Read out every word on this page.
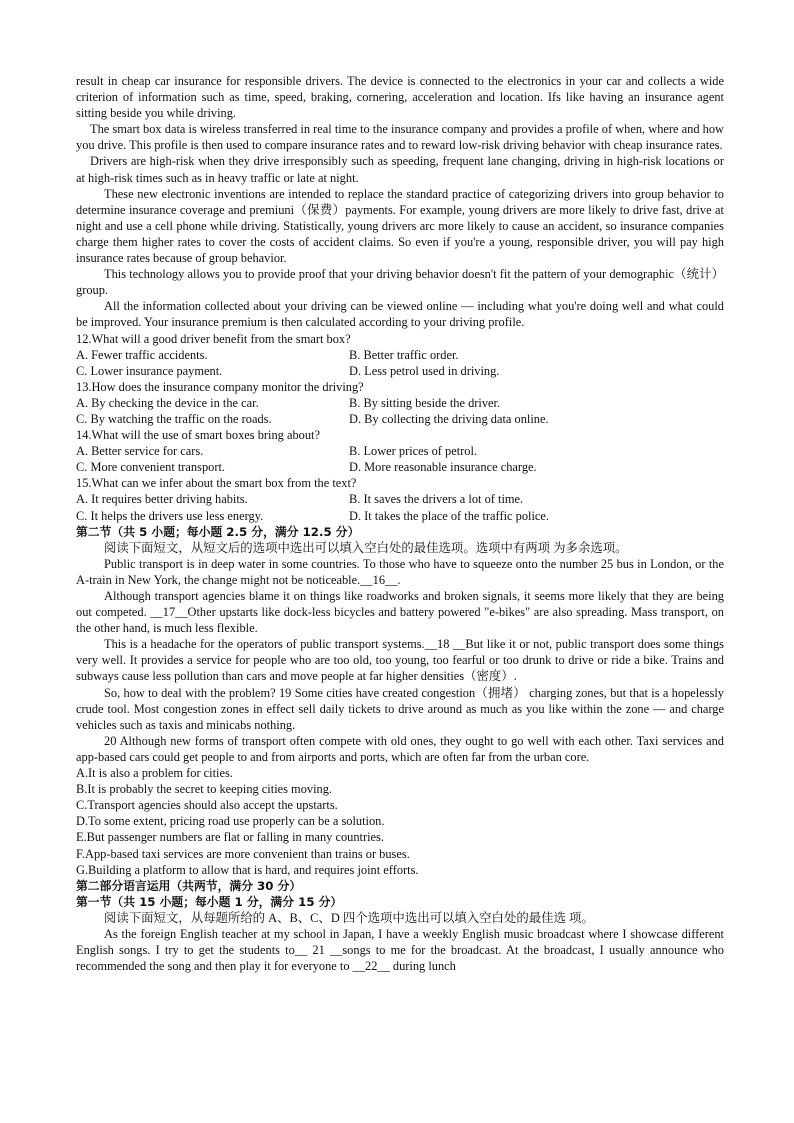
result in cheap car insurance for responsible drivers. The device is connected to the electronics in your car and collects a wide criterion of information such as time, speed, braking, cornering, acceleration and location. Ifs like having an insurance agent sitting beside you while driving.

The smart box data is wireless transferred in real time to the insurance company and provides a profile of when, where and how you drive. This profile is then used to compare insurance rates and to reward low-risk driving behavior with cheap insurance rates.

Drivers are high-risk when they drive irresponsibly such as speeding, frequent lane changing, driving in high-risk locations or at high-risk times such as in heavy traffic or late at night.

These new electronic inventions are intended to replace the standard practice of categorizing drivers into group behavior to determine insurance coverage and premiuni（保费）payments. For example, young drivers are more likely to drive fast, drive at night and use a cell phone while driving. Statistically, young drivers arc more likely to cause an accident, so insurance companies charge them higher rates to cover the costs of accident claims. So even if you're a young, responsible driver, you will pay high insurance rates because of group behavior.

This technology allows you to provide proof that your driving behavior doesn't fit the pattern of your demographic（统计）group.

All the information collected about your driving can be viewed online — including what you're doing well and what could be improved. Your insurance premium is then calculated according to your driving profile.

12.What will a good driver benefit from the smart box?

A. Fewer traffic accidents.	B. Better traffic order.
C. Lower insurance payment.	D. Less petrol used in driving.

13.How does the insurance company monitor the driving?

A. By checking the device in the car.	B. By sitting beside the driver.
C. By watching the traffic on the roads.	D. By collecting the driving data online.

14.What will the use of smart boxes bring about?

A. Better service for cars.	B. Lower prices of petrol.
C. More convenient transport.	D. More reasonable insurance charge.

15.What can we infer about the smart box from the text?

A. It requires better driving habits.	B. It saves the drivers a lot of time.
C. It helps the drivers use less energy.	D. It takes the place of the traffic police.

第二节（共 5 小题；每小题 2.5 分，满分 12.5 分）

阅读下面短文，从短文后的选项中选出可以填入空白处的最佳选项。选项中有两项 为多余选项。

Public transport is in deep water in some countries. To those who have to squeeze onto the number 25 bus in London, or the A-train in New York, the change might not be noticeable.__16__.

Although transport agencies blame it on things like roadworks and broken signals, it seems more likely that they are being out competed. __17__Other upstarts like dock-less bicycles and battery powered "e-bikes" are also spreading. Mass transport, on the other hand, is much less flexible.

This is a headache for the operators of public transport systems.__18 __But like it or not, public transport does some things very well. It provides a service for people who are too old, too young, too fearful or too drunk to drive or ride a bike. Trains and subways cause less pollution than cars and move people at far higher densities（密度）.

So, how to deal with the problem? 19 Some cities have created congestion（拥堵） charging zones, but that is a hopelessly crude tool. Most congestion zones in effect sell daily tickets to drive around as much as you like within the zone — and charge vehicles such as taxis and minicabs nothing.

20 Although new forms of transport often compete with old ones, they ought to go well with each other. Taxi services and app-based cars could get people to and from airports and ports, which are often far from the urban core.

A.It is also a problem for cities.

B.It is probably the secret to keeping cities moving.

C.Transport agencies should also accept the upstarts.

D.To some extent, pricing road use properly can be a solution.

E.But passenger numbers are flat or falling in many countries.

F.App-based taxi services are more convenient than trains or buses.

G.Building a platform to allow that is hard, and requires joint efforts.

第二部分语言运用（共两节，满分 30 分）

第一节（共 15 小题；每小题 1 分，满分 15 分）

阅读下面短文，从每题所给的 A、B、C、D 四个选项中选出可以填入空白处的最佳选 项。

As the foreign English teacher at my school in Japan, I have a weekly English music broadcast where I showcase different English songs. I try to get the students to__ 21 __songs to me for the broadcast. At the broadcast, I usually announce who recommended the song and then play it for everyone to __22__ during lunch
